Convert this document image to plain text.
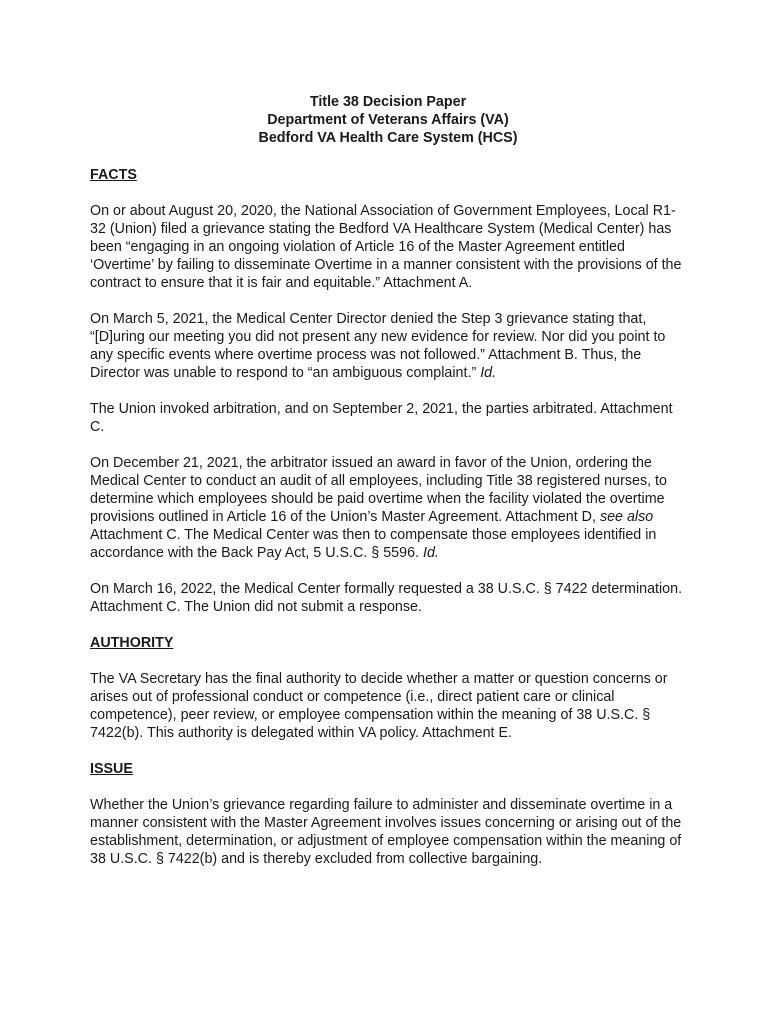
Title 38 Decision Paper
Department of Veterans Affairs (VA)
Bedford VA Health Care System (HCS)
FACTS

On or about August 20, 2020, the National Association of Government Employees, Local R1-32 (Union) filed a grievance stating the Bedford VA Healthcare System (Medical Center) has been “engaging in an ongoing violation of Article 16 of the Master Agreement entitled ‘Overtime’ by failing to disseminate Overtime in a manner consistent with the provisions of the contract to ensure that it is fair and equitable.” Attachment A.

On March 5, 2021, the Medical Center Director denied the Step 3 grievance stating that, “[D]uring our meeting you did not present any new evidence for review. Nor did you point to any specific events where overtime process was not followed.” Attachment B. Thus, the Director was unable to respond to “an ambiguous complaint.” Id.

The Union invoked arbitration, and on September 2, 2021, the parties arbitrated. Attachment C.

On December 21, 2021, the arbitrator issued an award in favor of the Union, ordering the Medical Center to conduct an audit of all employees, including Title 38 registered nurses, to determine which employees should be paid overtime when the facility violated the overtime provisions outlined in Article 16 of the Union’s Master Agreement. Attachment D, see also Attachment C. The Medical Center was then to compensate those employees identified in accordance with the Back Pay Act, 5 U.S.C. § 5596. Id.

On March 16, 2022, the Medical Center formally requested a 38 U.S.C. § 7422 determination. Attachment C. The Union did not submit a response.

AUTHORITY

The VA Secretary has the final authority to decide whether a matter or question concerns or arises out of professional conduct or competence (i.e., direct patient care or clinical competence), peer review, or employee compensation within the meaning of 38 U.S.C. § 7422(b). This authority is delegated within VA policy. Attachment E.

ISSUE

Whether the Union’s grievance regarding failure to administer and disseminate overtime in a manner consistent with the Master Agreement involves issues concerning or arising out of the establishment, determination, or adjustment of employee compensation within the meaning of 38 U.S.C. § 7422(b) and is thereby excluded from collective bargaining.
